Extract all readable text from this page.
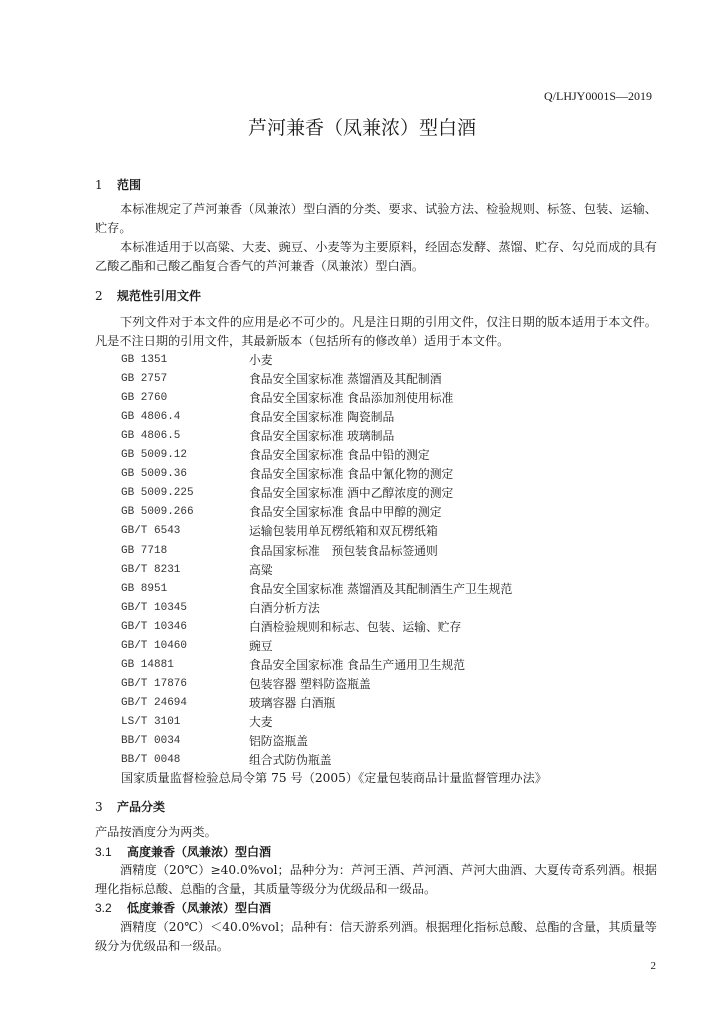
Q/LHJY0001S—2019
芦河兼香（凤兼浓）型白酒
1 范围
本标准规定了芦河兼香（凤兼浓）型白酒的分类、要求、试验方法、检验规则、标签、包装、运输、贮存。
本标准适用于以高粱、大麦、豌豆、小麦等为主要原料，经固态发酵、蒸馏、贮存、勾兑而成的具有乙酸乙酯和己酸乙酯复合香气的芦河兼香（凤兼浓）型白酒。
2 规范性引用文件
下列文件对于本文件的应用是必不可少的。凡是注日期的引用文件，仅注日期的版本适用于本文件。凡是不注日期的引用文件，其最新版本（包括所有的修改单）适用于本文件。
GB 1351	小麦
GB 2757	食品安全国家标准 蒸馏酒及其配制酒
GB 2760	食品安全国家标准 食品添加剂使用标准
GB 4806.4	食品安全国家标准 陶瓷制品
GB 4806.5	食品安全国家标准 玻璃制品
GB 5009.12	食品安全国家标准 食品中铅的测定
GB 5009.36	食品安全国家标准 食品中氰化物的测定
GB 5009.225	食品安全国家标准 酒中乙醇浓度的测定
GB 5009.266	食品安全国家标准 食品中甲醇的测定
GB/T 6543	运输包装用单瓦楞纸箱和双瓦楞纸箱
GB 7718	食品国家标准　预包装食品标签通则
GB/T 8231	高粱
GB 8951	食品安全国家标准 蒸馏酒及其配制酒生产卫生规范
GB/T 10345	白酒分析方法
GB/T 10346	白酒检验规则和标志、包装、运输、贮存
GB/T 10460	豌豆
GB 14881	食品安全国家标准 食品生产通用卫生规范
GB/T 17876	包装容器 塑料防盗瓶盖
GB/T 24694	玻璃容器 白酒瓶
LS/T 3101	大麦
BB/T 0034	铝防盗瓶盖
BB/T 0048	组合式防伪瓶盖
国家质量监督检验总局令第 75 号（2005）《定量包装商品计量监督管理办法》
3 产品分类
产品按酒度分为两类。
3.1 高度兼香（凤兼浓）型白酒
酒精度（20℃）≥40.0%vol；品种分为：芦河王酒、芦河酒、芦河大曲酒、大夏传奇系列酒。根据理化指标总酸、总酯的含量，其质量等级分为优级品和一级品。
3.2 低度兼香（凤兼浓）型白酒
酒精度（20℃）＜40.0%vol；品种有：信天游系列酒。根据理化指标总酸、总酯的含量，其质量等级分为优级品和一级品。
2
